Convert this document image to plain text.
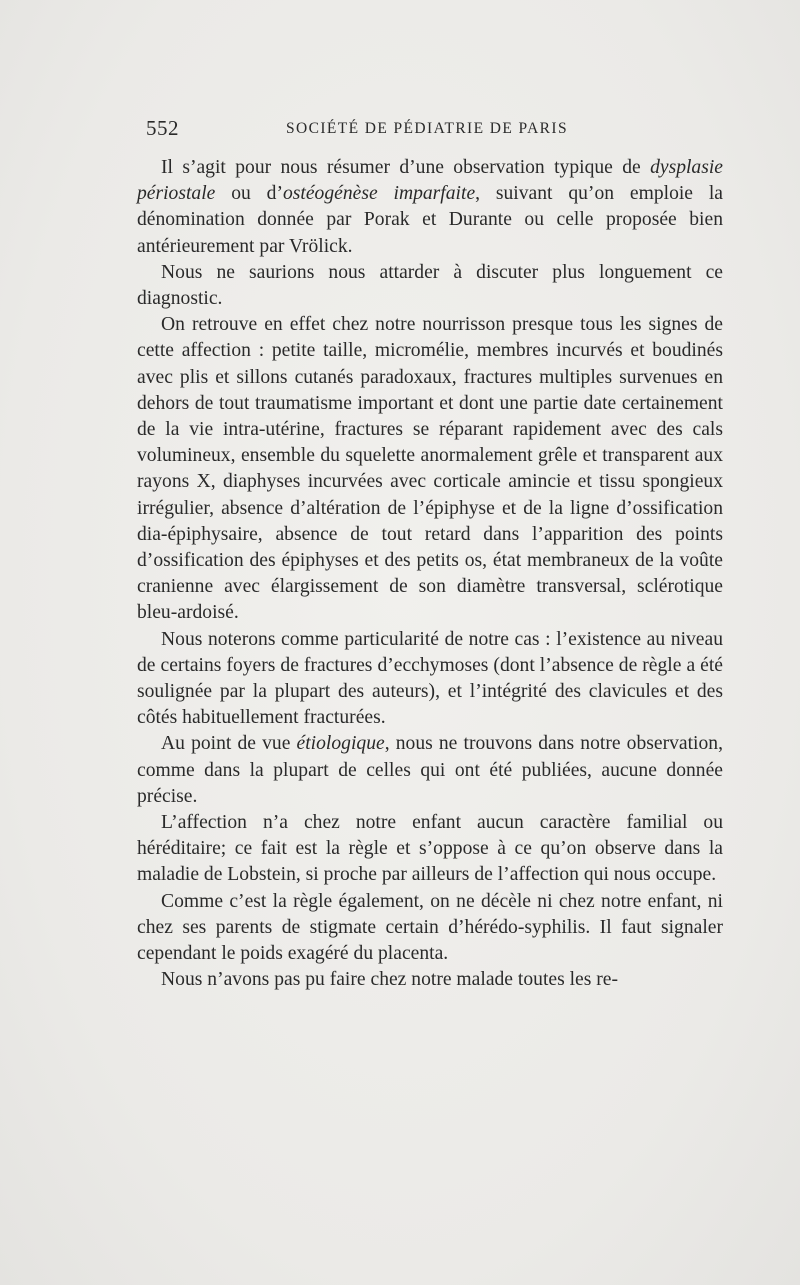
552	SOCIÉTÉ DE PÉDIATRIE DE PARIS

Il s’agit pour nous résumer d’une observation typique de dysplasie périostale ou d’ostéogénèse imparfaite, suivant qu’on emploie la dénomination donnée par Porak et Durante ou celle proposée bien antérieurement par Vrölick.

Nous ne saurions nous attarder à discuter plus longuement ce diagnostic.

On retrouve en effet chez notre nourrisson presque tous les signes de cette affection : petite taille, micromélie, membres incurvés et boudinés avec plis et sillons cutanés paradoxaux, fractures multiples survenues en dehors de tout traumatisme important et dont une partie date certainement de la vie intra-utérine, fractures se réparant rapidement avec des cals volumineux, ensemble du squelette anormalement grêle et transparent aux rayons X, diaphyses incurvées avec corticale amincie et tissu spongieux irrégulier, absence d’altération de l’épiphyse et de la ligne d’ossification dia-épiphysaire, absence de tout retard dans l’apparition des points d’ossification des épiphyses et des petits os, état membraneux de la voûte cranienne avec élargissement de son diamètre transversal, sclérotique bleu-ardoisé.

Nous noterons comme particularité de notre cas : l’existence au niveau de certains foyers de fractures d’ecchymoses (dont l’absence de règle a été soulignée par la plupart des auteurs), et l’intégrité des clavicules et des côtés habituellement fracturées.

Au point de vue étiologique, nous ne trouvons dans notre observation, comme dans la plupart de celles qui ont été publiées, aucune donnée précise.

L’affection n’a chez notre enfant aucun caractère familial ou héréditaire; ce fait est la règle et s’oppose à ce qu’on observe dans la maladie de Lobstein, si proche par ailleurs de l’affection qui nous occupe.

Comme c’est la règle également, on ne décèle ni chez notre enfant, ni chez ses parents de stigmate certain d’hérédo-syphilis. Il faut signaler cependant le poids exagéré du placenta.

Nous n’avons pas pu faire chez notre malade toutes les re-
